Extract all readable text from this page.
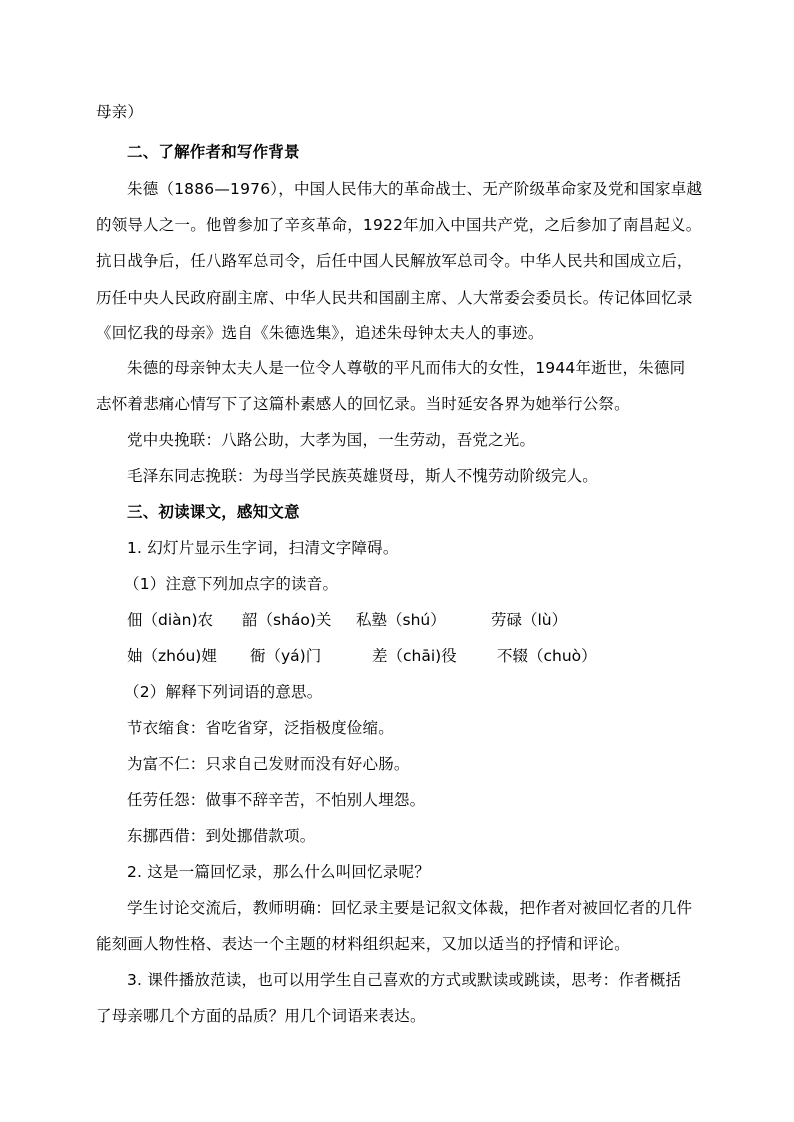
母亲）
二、了解作者和写作背景
朱德（1886—1976），中国人民伟大的革命战士、无产阶级革命家及党和国家卓越
的领导人之一。他曾参加了辛亥革命，1922年加入中国共产党，之后参加了南昌起义。
抗日战争后，任八路军总司令，后任中国人民解放军总司令。中华人民共和国成立后，
历任中央人民政府副主席、中华人民共和国副主席、人大常委会委员长。传记体回忆录
《回忆我的母亲》选自《朱德选集》，追述朱母钟太夫人的事迹。
朱德的母亲钟太夫人是一位令人尊敬的平凡而伟大的女性，1944年逝世，朱德同
志怀着悲痛心情写下了这篇朴素感人的回忆录。当时延安各界为她举行公祭。
党中央挽联：八路公助，大孝为国，一生劳动，吾党之光。
毛泽东同志挽联：为母当学民族英雄贤母，斯人不愧劳动阶级完人。
三、初读课文，感知文意
1. 幻灯片显示生字词，扫清文字障碍。
（1）注意下列加点字的读音。
佃（diàn)农 韶（sháo)关 私塾（shú）	劳碌（lù）
妯（zhóu)娌 衙（yá)门	差（chāi)役	不辍（chuò）
（2）解释下列词语的意思。
节衣缩食：省吃省穿，泛指极度俭缩。
为富不仁：只求自己发财而没有好心肠。
任劳任怨：做事不辞辛苦，不怕别人埋怨。
东挪西借：到处挪借款项。
2. 这是一篇回忆录，那么什么叫回忆录呢？
学生讨论交流后，教师明确：回忆录主要是记叙文体裁，把作者对被回忆者的几件
能刻画人物性格、表达一个主题的材料组织起来，又加以适当的抒情和评论。
3. 课件播放范读，也可以用学生自己喜欢的方式或默读或跳读，思考：作者概括
了母亲哪几个方面的品质？用几个词语来表达。
